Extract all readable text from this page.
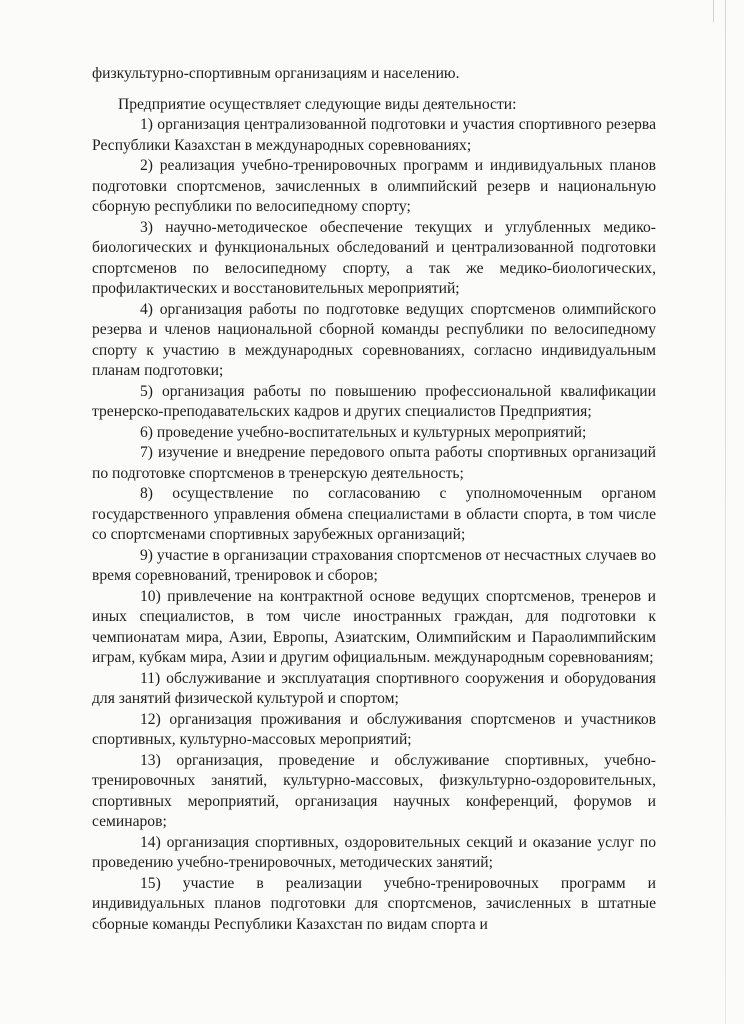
физкультурно-спортивным организациям и населению.

Предприятие осуществляет следующие виды деятельности:

1) организация централизованной подготовки и участия спортивного резерва Республики Казахстан в международных соревнованиях;

2) реализация учебно-тренировочных программ и индивидуальных планов подготовки спортсменов, зачисленных в олимпийский резерв и национальную сборную республики по велосипедному спорту;

3) научно-методическое обеспечение текущих и углубленных медико-биологических и функциональных обследований и централизованной подготовки спортсменов по велосипедному спорту, а так же медико-биологических, профилактических и восстановительных мероприятий;

4) организация работы по подготовке ведущих спортсменов олимпийского резерва и членов национальной сборной команды республики по велосипедному спорту к участию в международных соревнованиях, согласно индивидуальным планам подготовки;

5) организация работы по повышению профессиональной квалификации тренерско-преподавательских кадров и других специалистов Предприятия;

6) проведение учебно-воспитательных и культурных мероприятий;

7) изучение и внедрение передового опыта работы спортивных организаций по подготовке спортсменов в тренерскую деятельность;

8) осуществление по согласованию с уполномоченным органом государственного управления обмена специалистами в области спорта, в том числе со спортсменами спортивных зарубежных организаций;

9) участие в организации страхования спортсменов от несчастных случаев во время соревнований, тренировок и сборов;

10) привлечение на контрактной основе ведущих спортсменов, тренеров и иных специалистов, в том числе иностранных граждан, для подготовки к чемпионатам мира, Азии, Европы, Азиатским, Олимпийским и Параолимпийским играм, кубкам мира, Азии и другим официальным. международным соревнованиям;

11) обслуживание и эксплуатация спортивного сооружения и оборудования для занятий физической культурой и спортом;

12) организация проживания и обслуживания спортсменов и участников спортивных, культурно-массовых мероприятий;

13) организация, проведение и обслуживание спортивных, учебно-тренировочных занятий, культурно-массовых, физкультурно-оздоровительных, спортивных мероприятий, организация научных конференций, форумов и семинаров;

14) организация спортивных, оздоровительных секций и оказание услуг по проведению учебно-тренировочных, методических занятий;

15) участие в реализации учебно-тренировочных программ и индивидуальных планов подготовки для спортсменов, зачисленных в штатные сборные команды Республики Казахстан по видам спорта и
